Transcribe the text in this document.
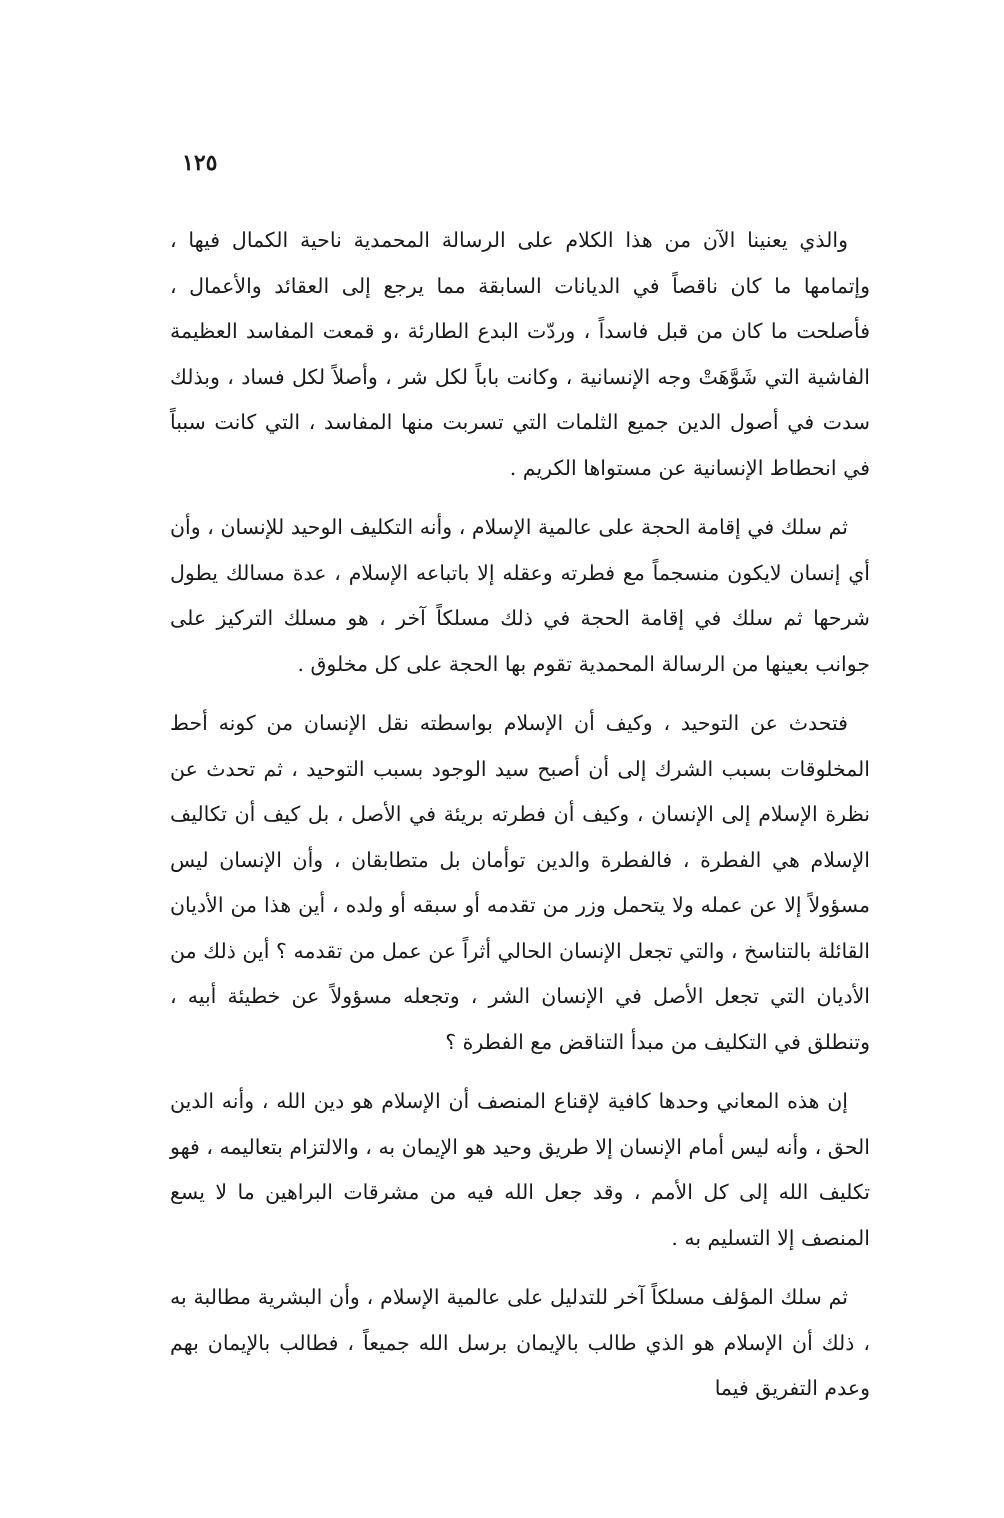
١٢٥

والذي يعنينا الآن من هذا الكلام على الرسالة المحمدية ناحية الكمال فيها ، وإتمامها ما كان ناقصاً في الديانات السابقة مما يرجع إلى العقائد والأعمال ، فأصلحت ما كان من قبل فاسداً ، وردّت البدع الطارئة ،و قمعت المفاسد العظيمة الفاشية التي شَوَّهَتْ وجه الإنسانية ، وكانت باباً لكل شر ، وأصلاً لكل فساد ، وبذلك سدت في أصول الدين جميع الثلمات التي تسربت منها المفاسد ، التي كانت سبباً في انحطاط الإنسانية عن مستواها الكريم .

ثم سلك في إقامة الحجة على عالمية الإسلام ، وأنه التكليف الوحيد للإنسان ، وأن أي إنسان لايكون منسجماً مع فطرته وعقله إلا باتباعه الإسلام ، عدة مسالك يطول شرحها ثم سلك في إقامة الحجة في ذلك مسلكاً آخر ، هو مسلك التركيز على جوانب بعينها من الرسالة المحمدية تقوم بها الحجة على كل مخلوق .

فتحدث عن التوحيد ، وكيف أن الإسلام بواسطته نقل الإنسان من كونه أحط المخلوقات بسبب الشرك إلى أن أصبح سيد الوجود بسبب التوحيد ، ثم تحدث عن نظرة الإسلام إلى الإنسان ، وكيف أن فطرته بريئة في الأصل ، بل كيف أن تكاليف الإسلام هي الفطرة ، فالفطرة والدين توأمان بل متطابقان ، وأن الإنسان ليس مسؤولاً إلا عن عمله ولا يتحمل وزر من تقدمه أو سبقه أو ولده ، أين هذا من الأديان القائلة بالتناسخ ، والتي تجعل الإنسان الحالي أثراً عن عمل من تقدمه ؟ أين ذلك من الأديان التي تجعل الأصل في الإنسان الشر ، وتجعله مسؤولاً عن خطيئة أبيه ، وتنطلق في التكليف من مبدأ التناقض مع الفطرة ؟

إن هذه المعاني وحدها كافية لإقناع المنصف أن الإسلام هو دين الله ، وأنه الدين الحق ، وأنه ليس أمام الإنسان إلا طريق وحيد هو الإيمان به ، والالتزام بتعاليمه ، فهو تكليف الله إلى كل الأمم ، وقد جعل الله فيه من مشرقات البراهين ما لا يسع المنصف إلا التسليم به .

ثم سلك المؤلف مسلكاً آخر للتدليل على عالمية الإسلام ، وأن البشرية مطالبة به ، ذلك أن الإسلام هو الذي طالب بالإيمان برسل الله جميعاً ، فطالب بالإيمان بهم وعدم التفريق فيما
